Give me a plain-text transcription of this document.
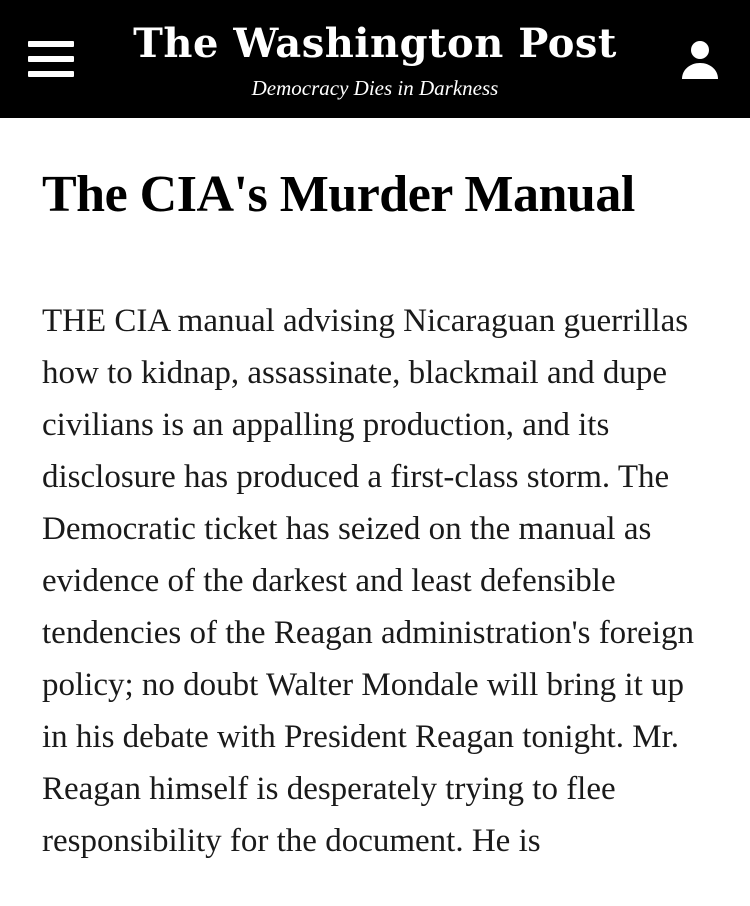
The Washington Post
Democracy Dies in Darkness
The CIA's Murder Manual

THE CIA manual advising Nicaraguan guerrillas how to kidnap, assassinate, blackmail and dupe civilians is an appalling production, and its disclosure has produced a first-class storm. The Democratic ticket has seized on the manual as evidence of the darkest and least defensible tendencies of the Reagan administration's foreign policy; no doubt Walter Mondale will bring it up in his debate with President Reagan tonight. Mr. Reagan himself is desperately trying to flee responsibility for the document. He is
